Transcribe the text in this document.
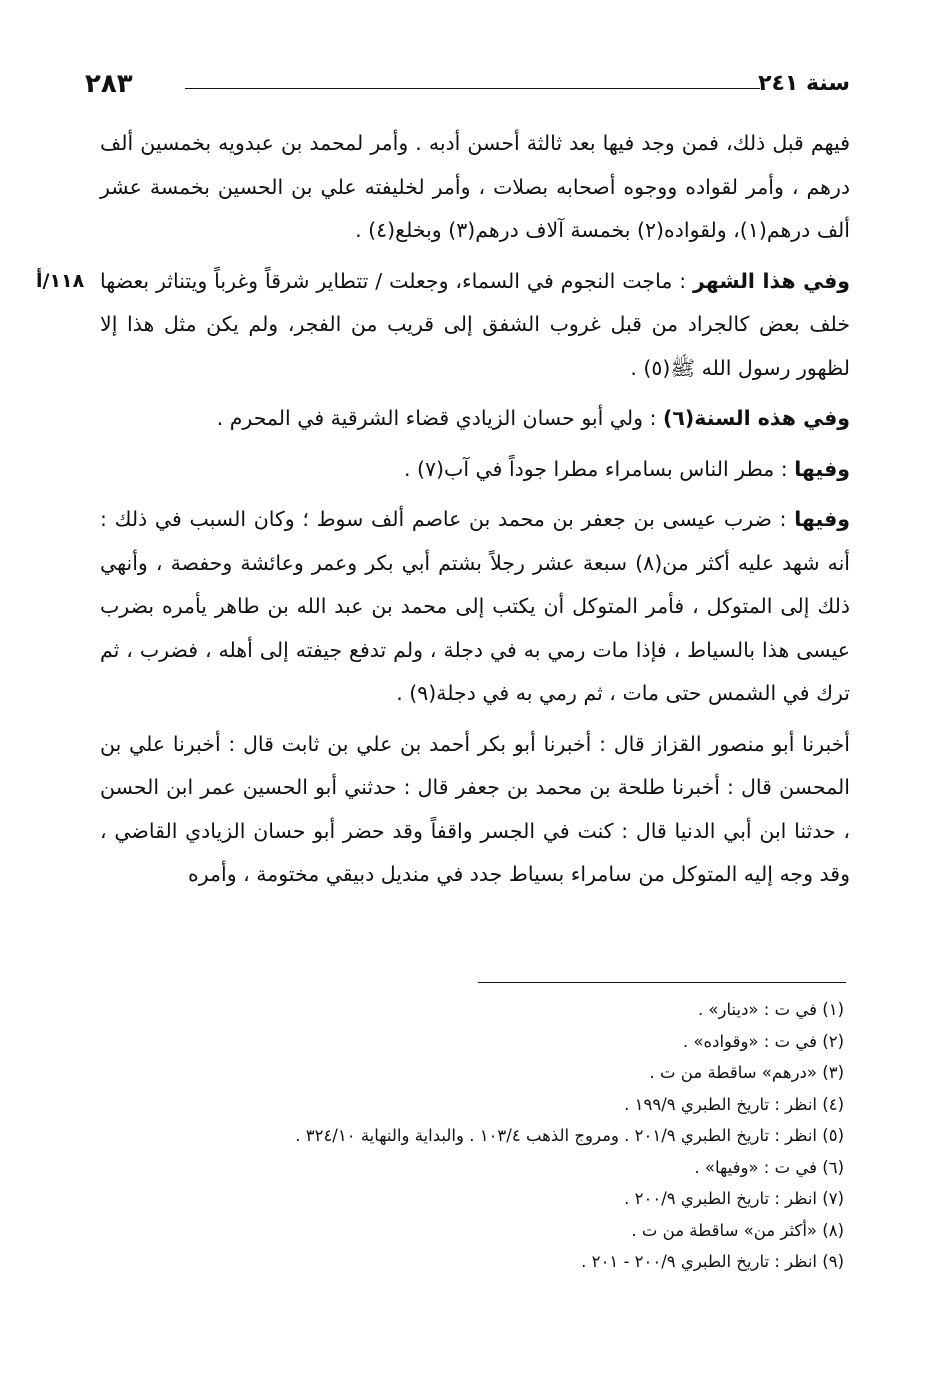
سنة ٢٤١
٢٨٣
١١٨/أ

فيهم قبل ذلك، فمن وجد فيها بعد ثالثة أحسن أدبه . وأمر لمحمد بن عبدويه بخمسين ألف درهم ، وأمر لقواده ووجوه أصحابه بصلات ، وأمر لخليفته علي بن الحسين بخمسة عشر ألف درهم(١)، ولقواده(٢) بخمسة آلاف درهم(٣) وبخلع(٤) .

وفي هذا الشهر : ماجت النجوم في السماء، وجعلت / تتطاير شرقاً وغرباً ويتناثر بعضها خلف بعض كالجراد من قبل غروب الشفق إلى قريب من الفجر، ولم يكن مثل هذا إلا لظهور رسول الله ﷺ(٥) .

وفي هذه السنة(٦) : ولي أبو حسان الزيادي قضاء الشرقية في المحرم .

وفيها : مطر الناس بسامراء مطرا جوداً في آب(٧) .

وفيها : ضرب عيسى بن جعفر بن محمد بن عاصم ألف سوط ؛ وكان السبب في ذلك : أنه شهد عليه أكثر من(٨) سبعة عشر رجلاً بشتم أبي بكر وعمر وعائشة وحفصة ، وأنهي ذلك إلى المتوكل ، فأمر المتوكل أن يكتب إلى محمد بن عبد الله بن طاهر يأمره بضرب عيسى هذا بالسياط ، فإذا مات رمي به في دجلة ، ولم تدفع جيفته إلى أهله ، فضرب ، ثم ترك في الشمس حتى مات ، ثم رمي به في دجلة(٩) .

أخبرنا أبو منصور القزاز قال : أخبرنا أبو بكر أحمد بن علي بن ثابت قال : أخبرنا علي بن المحسن قال : أخبرنا طلحة بن محمد بن جعفر قال : حدثني أبو الحسين عمر ابن الحسن ، حدثنا ابن أبي الدنيا قال : كنت في الجسر واقفاً وقد حضر أبو حسان الزيادي القاضي ، وقد وجه إليه المتوكل من سامراء بسياط جدد في منديل دبيقي مختومة ، وأمره

(١) في ت : «دينار» .

(٢) في ت : «وقواده» .

(٣) «درهم» ساقطة من ت .

(٤) انظر : تاريخ الطبري ١٩٩/٩ .

(٥) انظر : تاريخ الطبري ٢٠١/٩ . ومروج الذهب ١٠٣/٤ . والبداية والنهاية ٣٢٤/١٠ .

(٦) في ت : «وفيها» .

(٧) انظر : تاريخ الطبري ٢٠٠/٩ .

(٨) «أكثر من» ساقطة من ت .

(٩) انظر : تاريخ الطبري ٢٠٠/٩ - ٢٠١ .
